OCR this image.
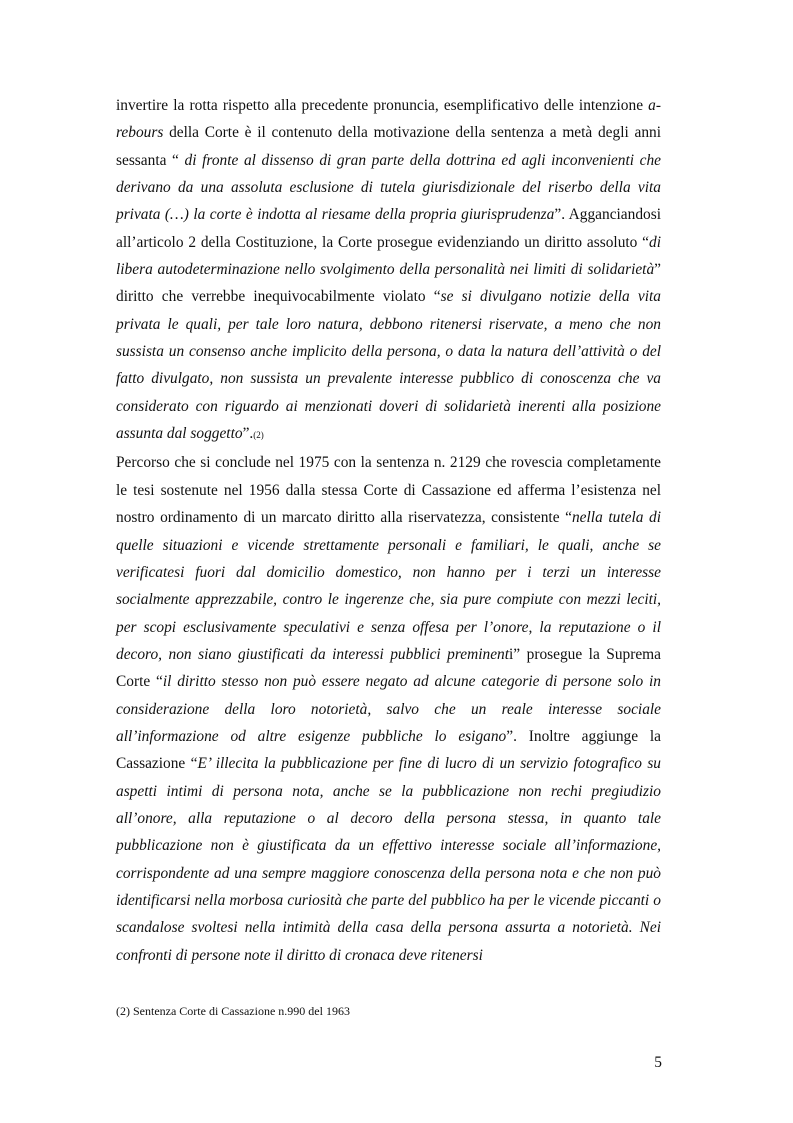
invertire la rotta rispetto alla precedente pronuncia, esemplificativo delle intenzione a-rebours della Corte è il contenuto della motivazione della sentenza a metà degli anni sessanta “ di fronte al dissenso di gran parte della dottrina ed agli inconvenienti che derivano da una assoluta esclusione di tutela giurisdizionale del riserbo della vita privata (…) la corte è indotta al riesame della propria giurisprudenza”. Agganciandosi all’articolo 2 della Costituzione, la Corte prosegue evidenziando un diritto assoluto “di libera autodeterminazione nello svolgimento della personalità nei limiti di solidarietà” diritto che verrebbe inequivocabilmente violato “se si divulgano notizie della vita privata le quali, per tale loro natura, debbono ritenersi riservate, a meno che non sussista un consenso anche implicito della persona, o data la natura dell’attività o del fatto divulgato, non sussista un prevalente interesse pubblico di conoscenza che va considerato con riguardo ai menzionati doveri di solidarietà inerenti alla posizione assunta dal soggetto”.(2)

Percorso che si conclude nel 1975 con la sentenza n. 2129 che rovescia completamente le tesi sostenute nel 1956 dalla stessa Corte di Cassazione ed afferma l’esistenza nel nostro ordinamento di un marcato diritto alla riservatezza, consistente “nella tutela di quelle situazioni e vicende strettamente personali e familiari, le quali, anche se verificatesi fuori dal domicilio domestico, non hanno per i terzi un interesse socialmente apprezzabile, contro le ingerenze che, sia pure compiute con mezzi leciti, per scopi esclusivamente speculativi e senza offesa per l’onore, la reputazione o il decoro, non siano giustificati da interessi pubblici preminenti” prosegue la Suprema Corte “il diritto stesso non può essere negato ad alcune categorie di persone solo in considerazione della loro notorietà, salvo che un reale interesse sociale all’informazione od altre esigenze pubbliche lo esigano”. Inoltre aggiunge la Cassazione “E’ illecita la pubblicazione per fine di lucro di un servizio fotografico su aspetti intimi di persona nota, anche se la pubblicazione non rechi pregiudizio all’onore, alla reputazione o al decoro della persona stessa, in quanto tale pubblicazione non è giustificata da un effettivo interesse sociale all’informazione, corrispondente ad una sempre maggiore conoscenza della persona nota e che non può identificarsi nella morbosa curiosità che parte del pubblico ha per le vicende piccanti o scandalose svoltesi nella intimità della casa della persona assurta a notorietà. Nei confronti di persone note il diritto di cronaca deve ritenersi

(2) Sentenza Corte di Cassazione n.990 del 1963
5
